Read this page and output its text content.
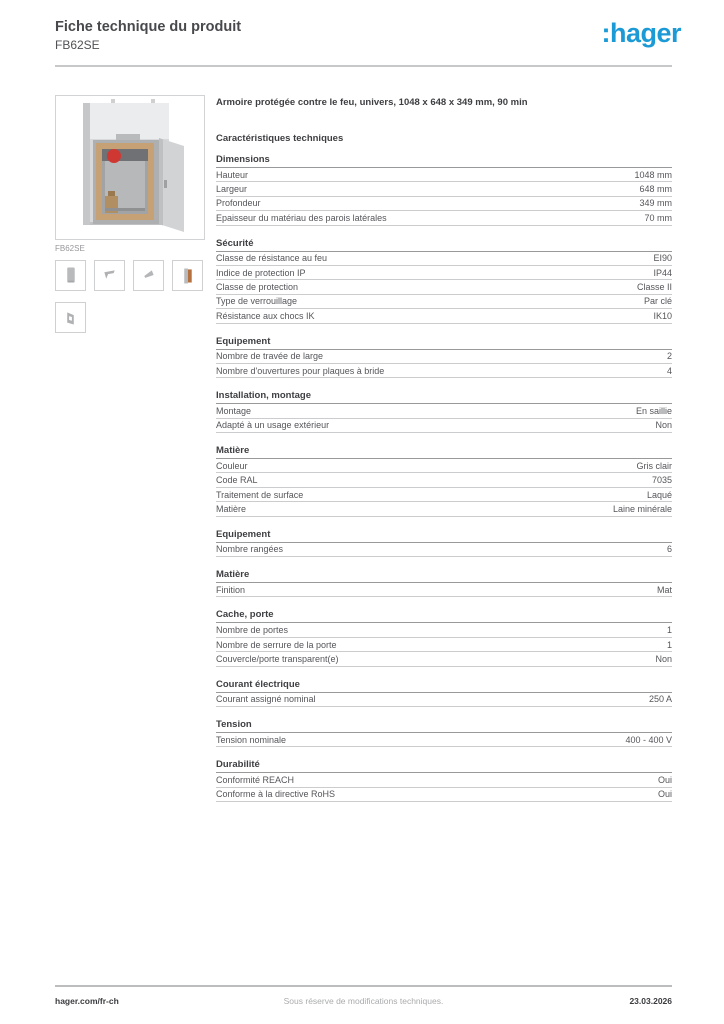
Fiche technique du produit
FB62SE	:hager
FB62SE
Armoire protégée contre le feu, univers, 1048 x 648 x 349 mm, 90 min
Caractéristiques techniques
Dimensions
Hauteur	1048 mm
Largeur	648 mm
Profondeur	349 mm
Epaisseur du matériau des parois latérales	70 mm
Sécurité
Classe de résistance au feu	EI90
Indice de protection IP	IP44
Classe de protection	Classe II
Type de verrouillage	Par clé
Résistance aux chocs IK	IK10
Equipement
Nombre de travée de large	2
Nombre d'ouvertures pour plaques à bride	4
Installation, montage
Montage	En saillie
Adapté à un usage extérieur	Non
Matière
Couleur	Gris clair
Code RAL	7035
Traitement de surface	Laqué
Matière	Laine minérale
Equipement
Nombre rangées	6
Matière
Finition	Mat
Cache, porte
Nombre de portes	1
Nombre de serrure de la porte	1
Couvercle/porte transparent(e)	Non
Courant électrique
Courant assigné nominal	250 A
Tension
Tension nominale	400 - 400 V
Durabilité
Conformité REACH	Oui
Conforme à la directive RoHS	Oui
hager.com/fr-ch	Sous réserve de modifications techniques.	23.03.2026
